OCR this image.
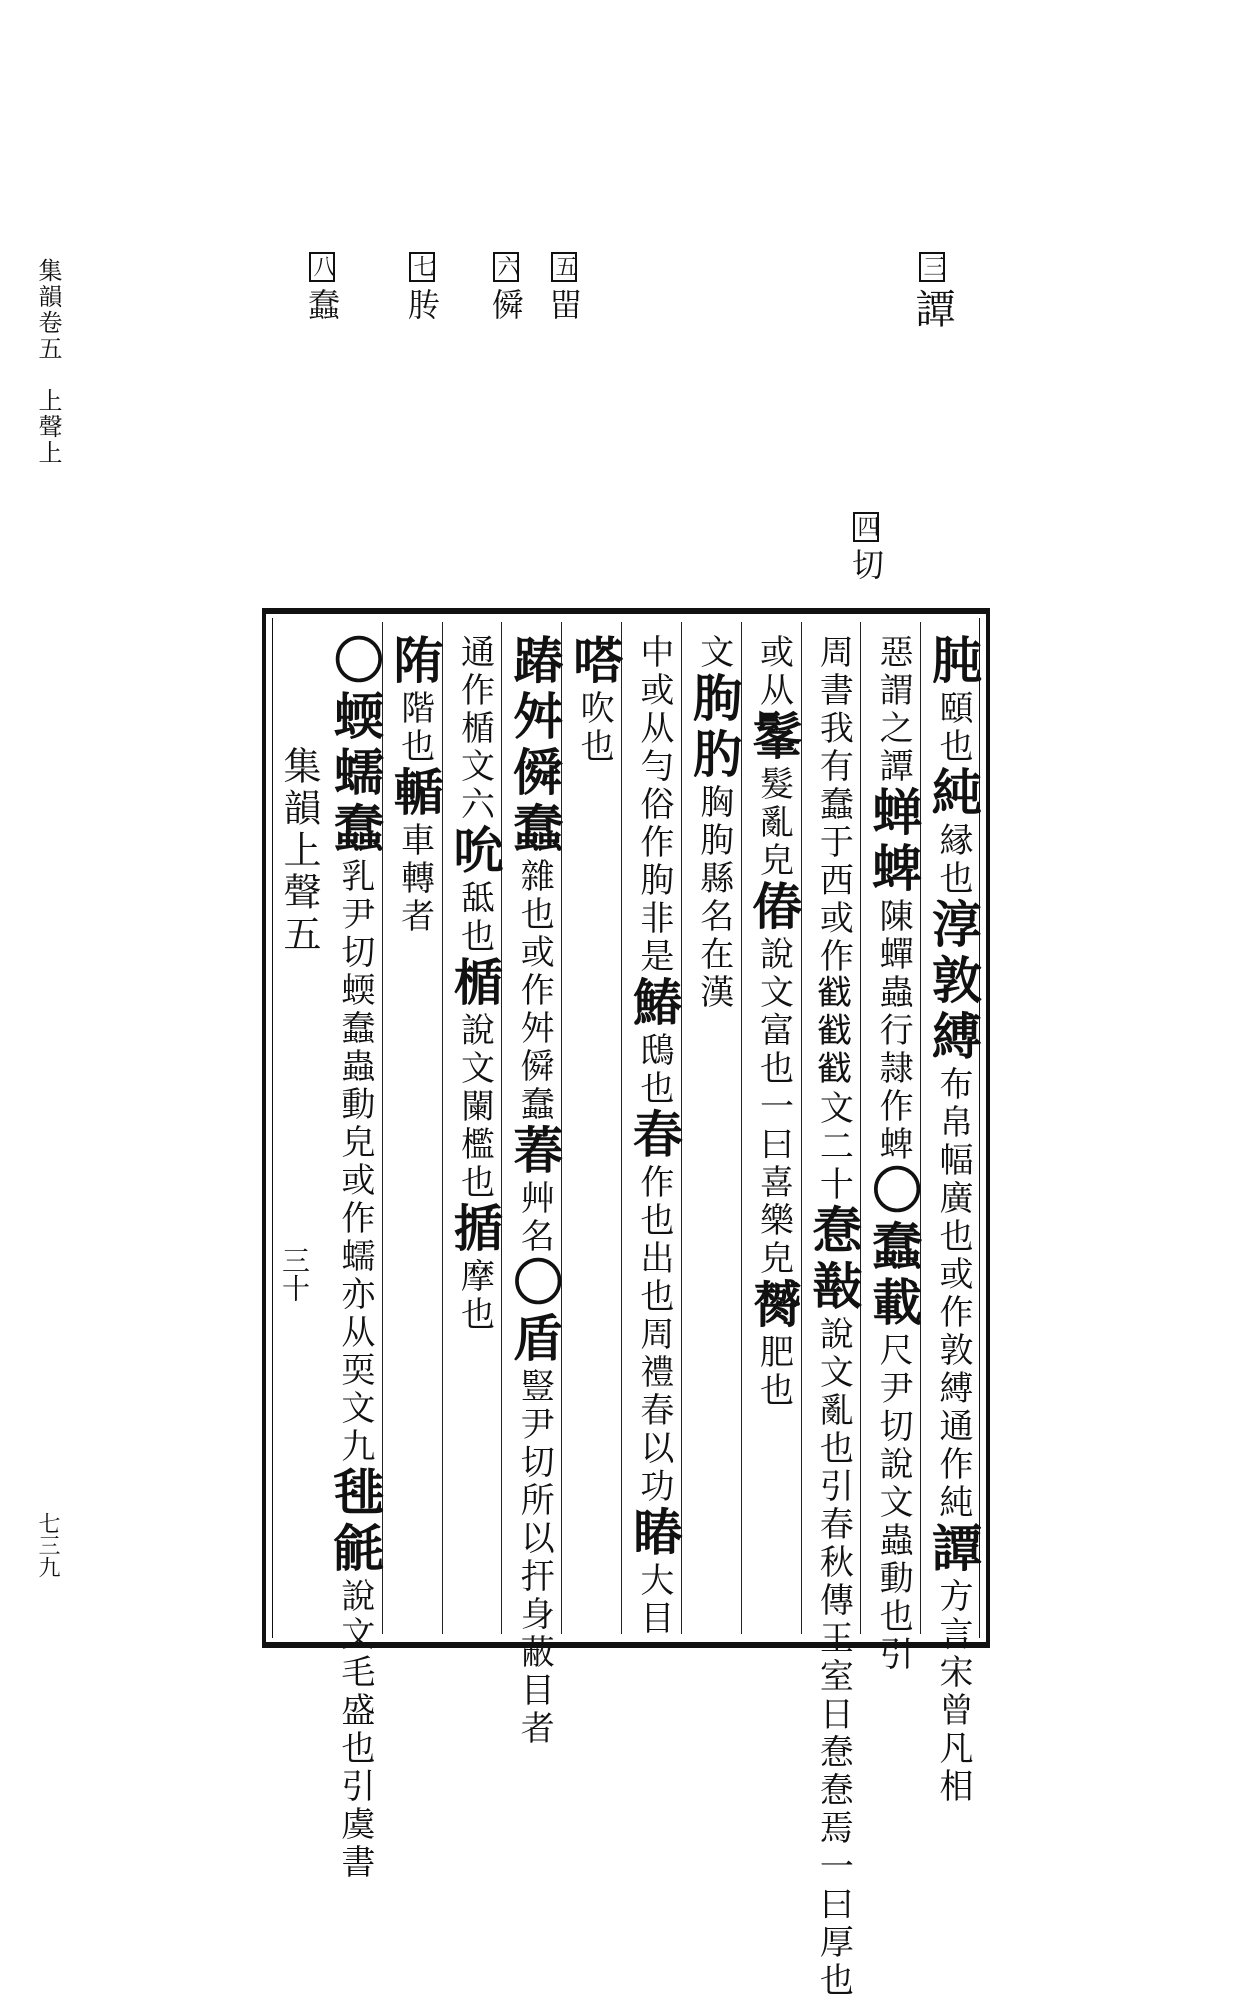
集韻卷五　上聲上
七三九
三譚
四切
五㽞
六僢
七䏝
八蠢
集韻上聲五
三十
肫頤也純縁也淳敦縛布帛幅廣也或作敦縛通作純譚方言宋曾凡相
惡謂之譚蝉蜱陳蟬蟲行隷作蜱〇蠢載尺尹切說文蟲動也引
周書我有蠢于西或作𢧵𢧵𢧵文二十惷㪨說文亂也引春秋傳王室日惷惷焉一曰厚也
或从髼髮亂皃偆說文富也一曰喜樂皃膥肥也
文朐肑胸朐縣名在漢
中或从勻俗作朐非是鰆䲭也春作也出也周禮春以功睶大目
嗒吹也
踳舛僢蠢雜也或作舛僢蠢萶艸名〇盾豎尹切所以扞身蔽目者
通作楯文六吮䑛也楯說文闌檻也揗摩也
陏階也輴車轉者
〇蝡蠕蠢乳尹切蝡蠢蟲動皃或作蠕亦从耎文九毴毹說文毛盛也引虞書
